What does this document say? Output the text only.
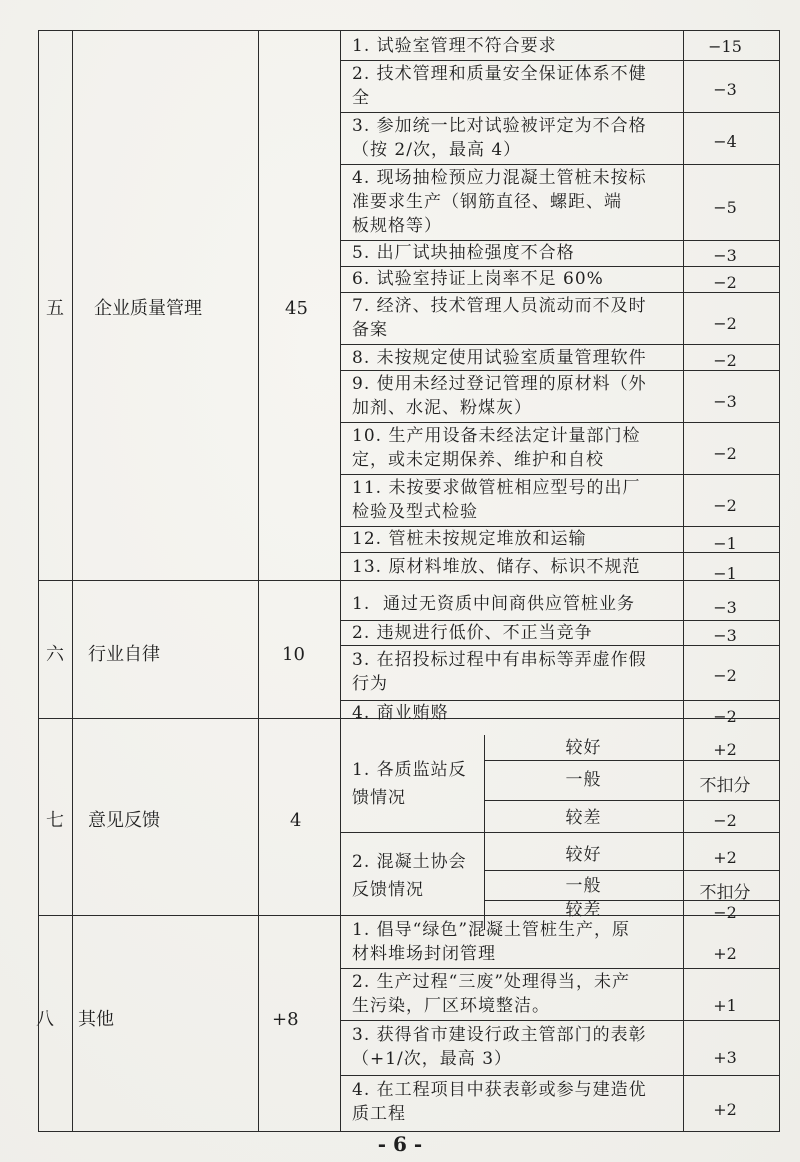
五 企业质量管理	45
1. 试验室管理不符合要求	−15
2. 技术管理和质量安全保证体系不健
全	−3
3. 参加统一比对试验被评定为不合格
（按 2/次，最高 4）	−4
4. 现场抽检预应力混凝土管桩未按标
准要求生产（钢筋直径、螺距、端
板规格等）
−5
5. 出厂试块抽检强度不合格	−3
6. 试验室持证上岗率不足 60%	−2
7. 经济、技术管理人员流动而不及时
备案	−2
8. 未按规定使用试验室质量管理软件	−2
9. 使用未经过登记管理的原材料（外
加剂、水泥、粉煤灰）	−3
10. 生产用设备未经法定计量部门检
定，或未定期保养、维护和自校	−2
11. 未按要求做管桩相应型号的出厂
检验及型式检验	−2
12. 管桩未按规定堆放和运输	−1
13. 原材料堆放、储存、标识不规范	−1
六 行业自律	10
1.  通过无资质中间商供应管桩业务	−3
2. 违规进行低价、不正当竞争	−3
3. 在招投标过程中有串标等弄虚作假
行为	−2
4. 商业贿赂	−2
七 意见反馈	4
1. 各质监站反
馈情况
较好	+2
一般	不扣分
较差	−2
2. 混凝土协会
反馈情况
较好	+2
一般	不扣分
较差	−2
八 其他	+8
1. 倡导“绿色”混凝土管桩生产，原
材料堆场封闭管理	+2
2. 生产过程“三废”处理得当，未产
生污染，厂区环境整洁。	+1
3. 获得省市建设行政主管部门的表彰
（+1/次，最高 3）	+3
4. 在工程项目中获表彰或参与建造优
质工程	+2
- 6 -
